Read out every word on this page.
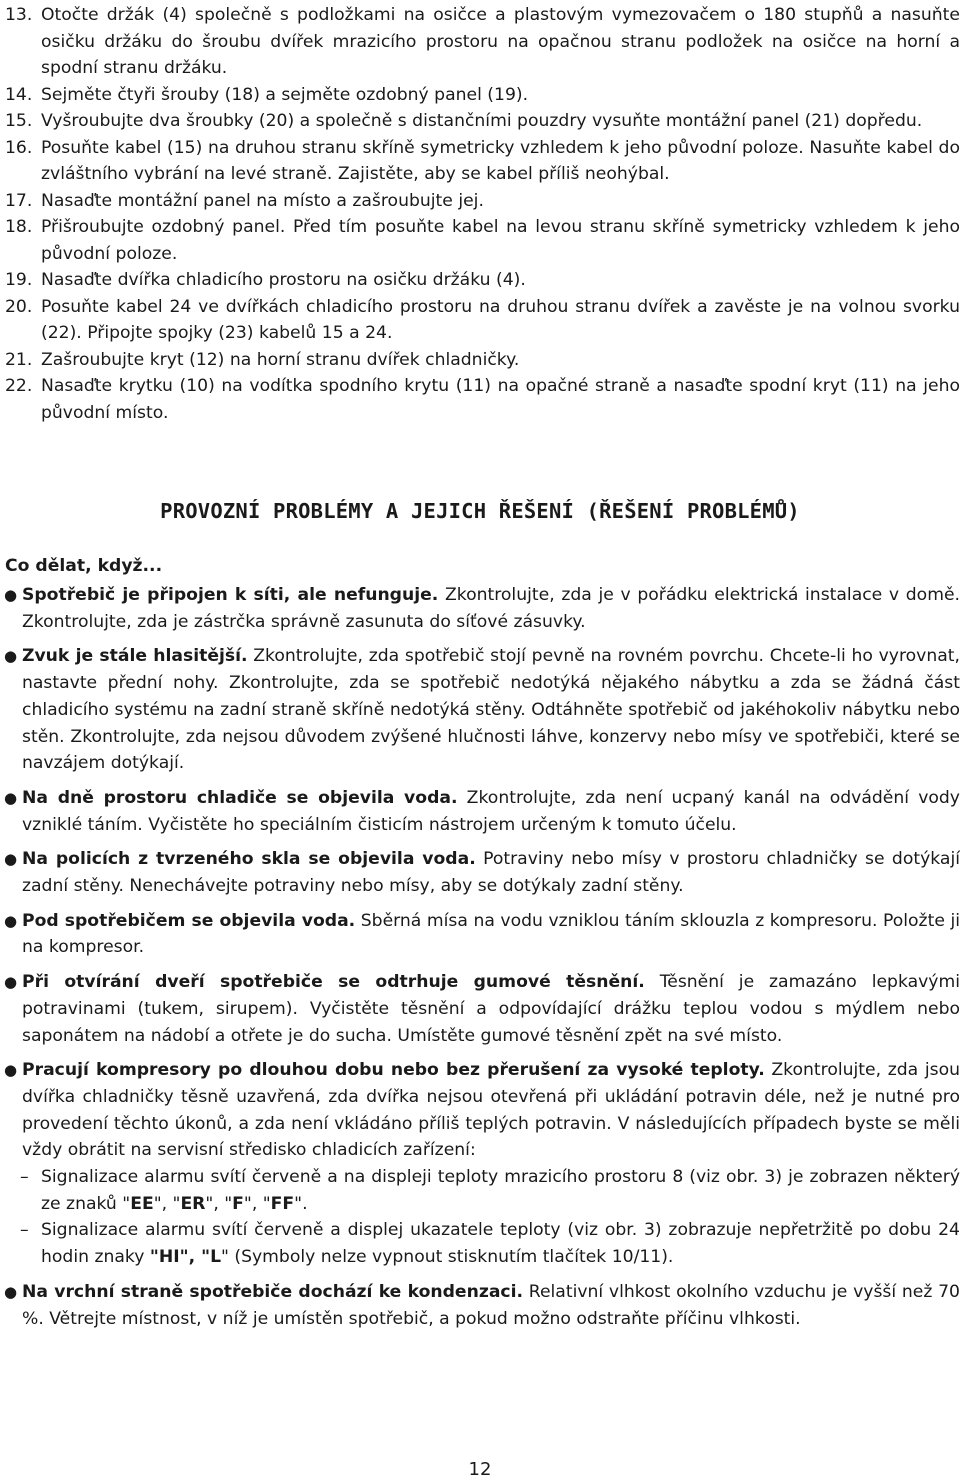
13. Otočte držák (4) společně s podložkami na osičce a plastovým vymezovačem o 180 stupňů a nasuňte osičku držáku do šroubu dvířek mrazicího prostoru na opačnou stranu podložek na osičce na horní a spodní stranu držáku.
14. Sejměte čtyři šrouby (18) a sejměte ozdobný panel (19).
15. Vyšroubujte dva šroubky (20) a společně s distančními pouzdry vysuňte montážní panel (21) dopředu.
16. Posuňte kabel (15) na druhou stranu skříně symetricky vzhledem k jeho původní poloze. Nasuňte kabel do zvláštního vybrání na levé straně. Zajistěte, aby se kabel příliš neohýbal.
17. Nasaďte montážní panel na místo a zašroubujte jej.
18. Přišroubujte ozdobný panel. Před tím posuňte kabel na levou stranu skříně symetricky vzhledem k jeho původní poloze.
19. Nasaďte dvířka chladicího prostoru na osičku držáku (4).
20. Posuňte kabel 24 ve dvířkách chladicího prostoru na druhou stranu dvířek a zavěste je na volnou svorku (22). Připojte spojky (23) kabelů 15 a 24.
21. Zašroubujte kryt (12) na horní stranu dvířek chladničky.
22. Nasaďte krytku (10) na vodítka spodního krytu (11) na opačné straně a nasaďte spodní kryt (11) na jeho původní místo.
PROVOZNÍ PROBLÉMY A JEJICH ŘEŠENÍ (ŘEŠENÍ PROBLÉMŮ)
Co dělat, když...
● Spotřebič je připojen k síti, ale nefunguje. Zkontrolujte, zda je v pořádku elektrická instalace v domě. Zkontrolujte, zda je zástrčka správně zasunuta do síťové zásuvky.
● Zvuk je stále hlasitější. Zkontrolujte, zda spotřebič stojí pevně na rovném povrchu. Chcete-li ho vyrovnat, nastavte přední nohy. Zkontrolujte, zda se spotřebič nedotýká nějakého nábytku a zda se žádná část chladicího systému na zadní straně skříně nedotýká stěny. Odtáhněte spotřebič od jakéhokoliv nábytku nebo stěn. Zkontrolujte, zda nejsou důvodem zvýšené hlučnosti láhve, konzervy nebo mísy ve spotřebiči, které se navzájem dotýkají.
● Na dně prostoru chladiče se objevila voda. Zkontrolujte, zda není ucpaný kanál na odvádění vody vzniklé táním. Vyčistěte ho speciálním čisticím nástrojem určeným k tomuto účelu.
● Na policích z tvrzeného skla se objevila voda. Potraviny nebo mísy v prostoru chladničky se dotýkají zadní stěny. Nenechávejte potraviny nebo mísy, aby se dotýkaly zadní stěny.
● Pod spotřebičem se objevila voda. Sběrná mísa na vodu vzniklou táním sklouzla z kompresoru. Položte ji na kompresor.
● Při otvírání dveří spotřebiče se odtrhuje gumové těsnění. Těsnění je zamazáno lepkavými potravinami (tukem, sirupem). Vyčistěte těsnění a odpovídající drážku teplou vodou s mýdlem nebo saponátem na nádobí a otřete je do sucha. Umístěte gumové těsnění zpět na své místo.
● Pracují kompresory po dlouhou dobu nebo bez přerušení za vysoké teploty. Zkontrolujte, zda jsou dvířka chladničky těsně uzavřená, zda dvířka nejsou otevřená při ukládání potravin déle, než je nutné pro provedení těchto úkonů, a zda není vkládáno příliš teplých potravin. V následujících případech byste se měli vždy obrátit na servisní středisko chladicích zařízení:
– Signalizace alarmu svítí červeně a na displeji teploty mrazicího prostoru 8 (viz obr. 3) je zobrazen některý ze znaků "EE", "ER", "F", "FF".
– Signalizace alarmu svítí červeně a displej ukazatele teploty (viz obr. 3) zobrazuje nepřetržitě po dobu 24 hodin znaky "HI", "L" (Symboly nelze vypnout stisknutím tlačítek 10/11).
● Na vrchní straně spotřebiče dochází ke kondenzaci. Relativní vlhkost okolního vzduchu je vyšší než 70 %. Větrejte místnost, v níž je umístěn spotřebič, a pokud možno odstraňte příčinu vlhkosti.
12
